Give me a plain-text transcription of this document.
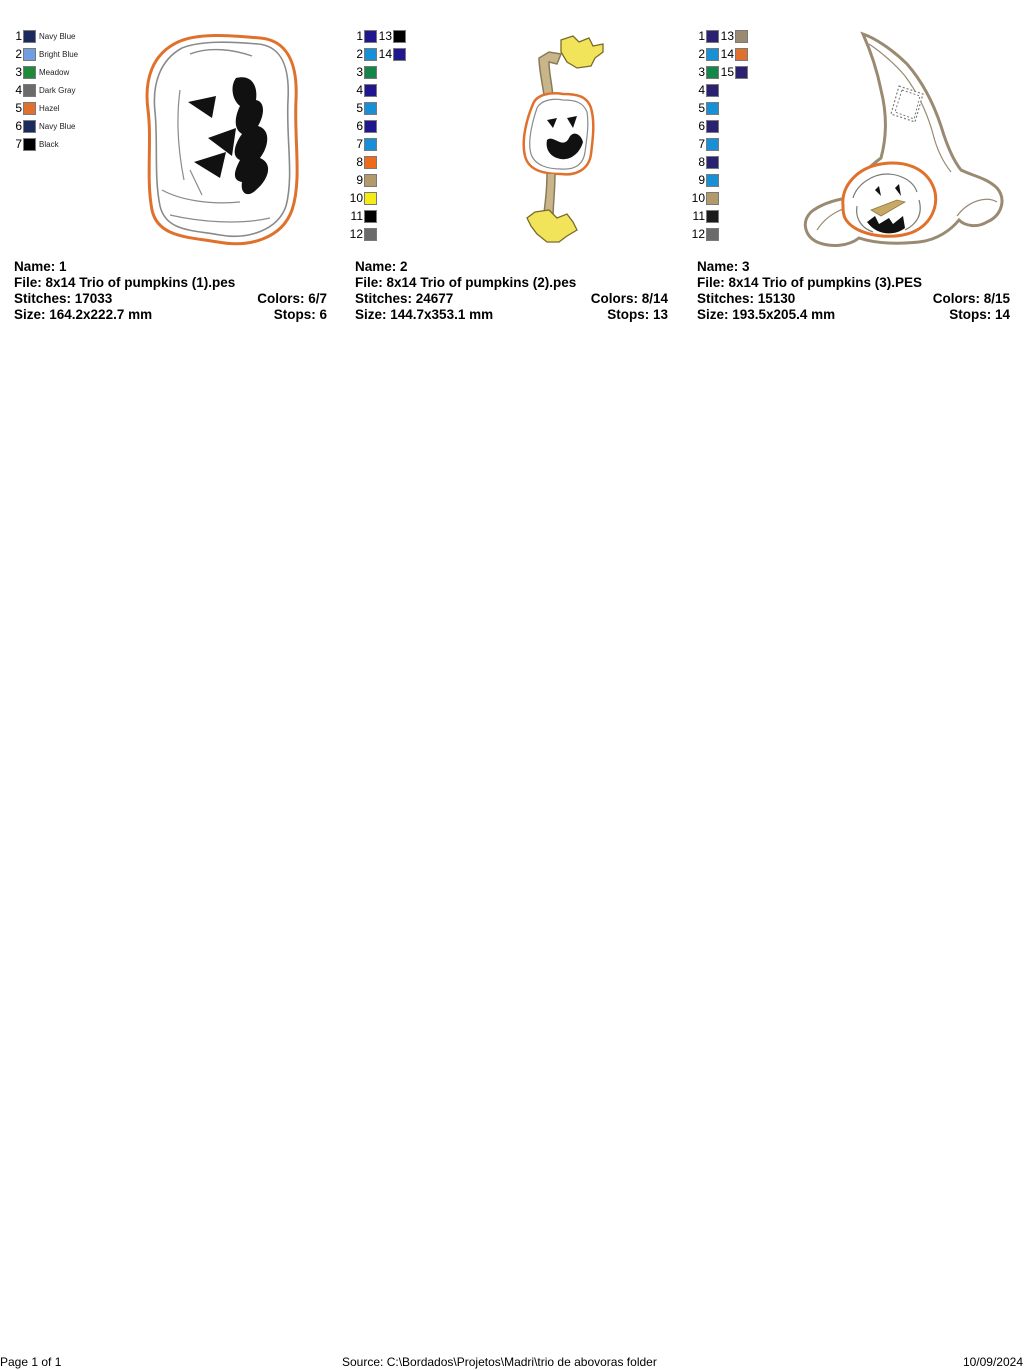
1 Navy Blue
2 Bright Blue
3 Meadow
4 Dark Gray
5 Hazel
6 Navy Blue
7 Black
Name: 1
File: 8x14 Trio of pumpkins (1).pes
Stitches: 17033	Colors: 6/7
Size: 164.2x222.7 mm	Stops: 6
1
2
3
4
5
6
7
8
9
10
11
12
13
14
Name: 2
File: 8x14 Trio of pumpkins (2).pes
Stitches: 24677	Colors: 8/14
Size: 144.7x353.1 mm	Stops: 13
1
2
3
4
5
6
7
8
9
10
11
12
13
14
15
Name: 3
File: 8x14 Trio of pumpkins (3).PES
Stitches: 15130	Colors: 8/15
Size: 193.5x205.4 mm	Stops: 14
Page 1 of 1	Source: C:\Bordados\Projetos\Madri\trio de abovoras folder	10/09/2024
